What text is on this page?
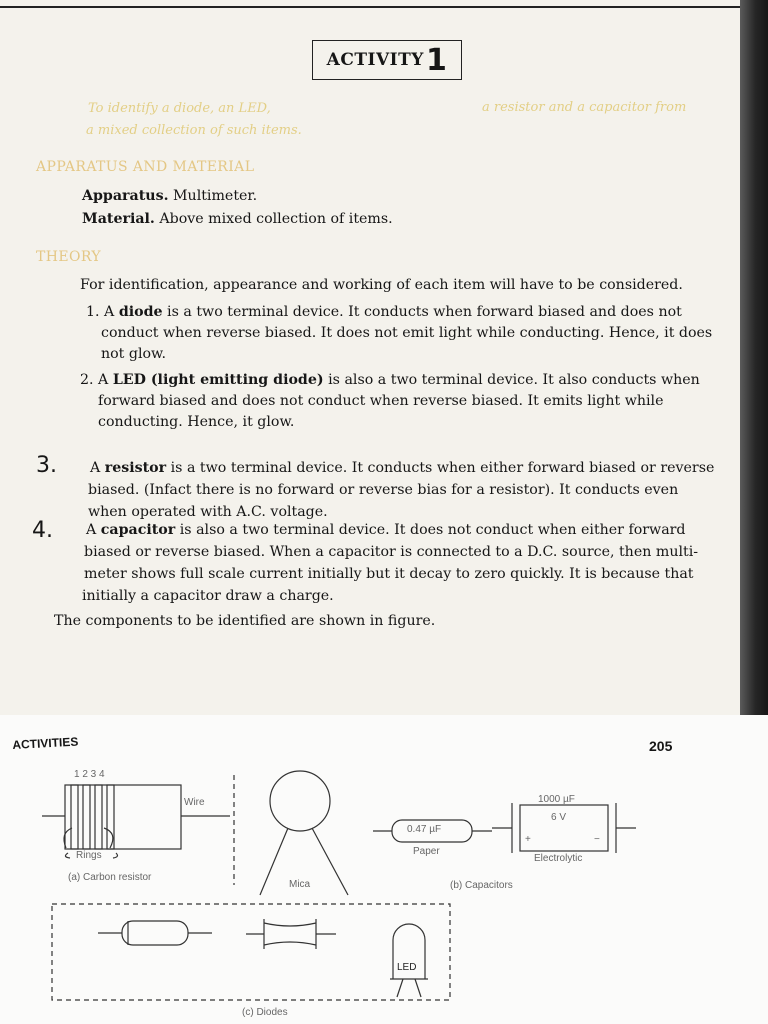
ACTIVITY 1
To identify a diode, an LED,	a resistor and a capacitor from
a mixed collection of such items.
APPARATUS AND MATERIAL
Apparatus. Multimeter.
Material. Above mixed collection of items.
THEORY
For identification, appearance and working of each item will have to be considered.
1. A diode is a two terminal device. It conducts when forward biased and does not
conduct when reverse biased. It does not emit light while conducting. Hence, it does
not glow.
2. A LED (light emitting diode) is also a two terminal device. It also conducts when
forward biased and does not conduct when reverse biased. It emits light while
conducting. Hence, it glow.
3. A resistor is a two terminal device. It conducts when either forward biased or reverse
biased. (Infact there is no forward or reverse bias for a resistor). It conducts even
when operated with A.C. voltage.
4. A capacitor is also a two terminal device. It does not conduct when either forward
biased or reverse biased. When a capacitor is connected to a D.C. source, then multi-
meter shows full scale current initially but it decay to zero quickly. It is because that
initially a capacitor draw a charge.
The components to be identified are shown in figure.
ACTIVITIES	205
1 2 3 4
Wire
Rings
(a) Carbon resistor
Mica
0.47 µF
Paper
1000 µF
6 V
+	−
Electrolytic
(b) Capacitors
LED
(c) Diodes
